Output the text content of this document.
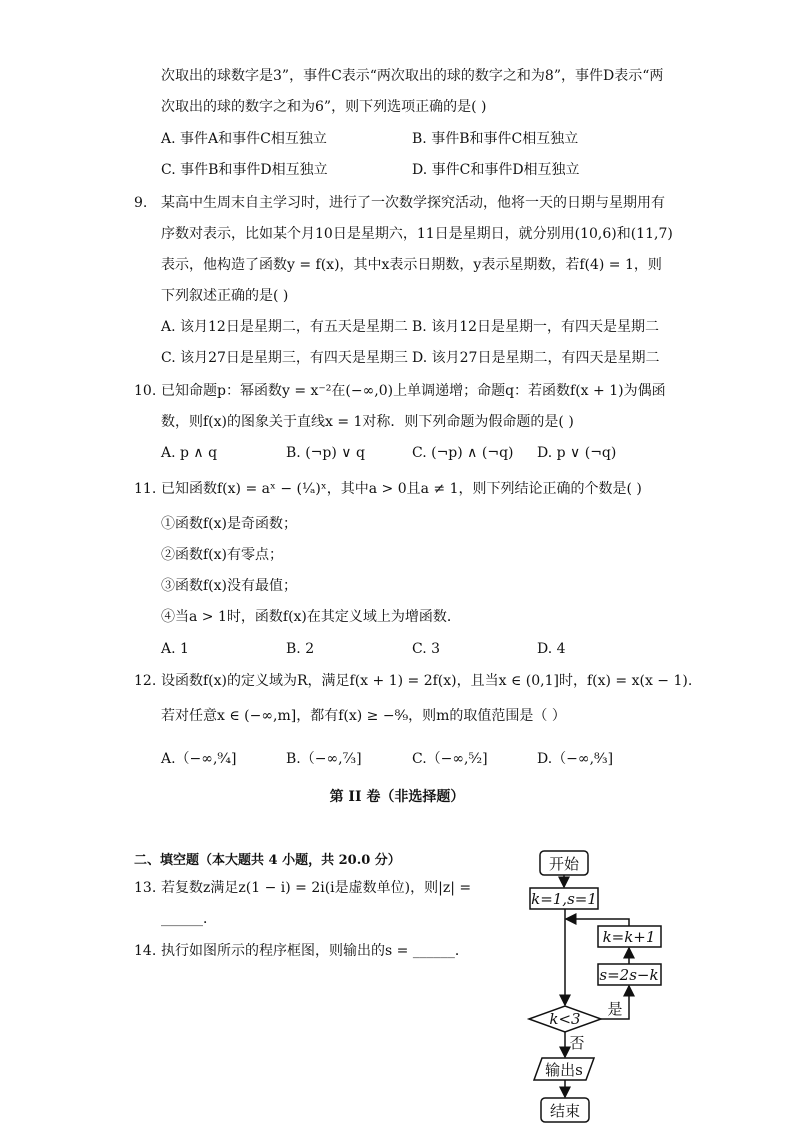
次取出的球数字是3”，事件C表示“两次取出的球的数字之和为8”，事件D表示“两
次取出的球的数字之和为6”，则下列选项正确的是( )
A. 事件A和事件C相互独立	B. 事件B和事件C相互独立
C. 事件B和事件D相互独立	D. 事件C和事件D相互独立
9. 某高中生周末自主学习时，进行了一次数学探究活动，他将一天的日期与星期用有
序数对表示，比如某个月10日是星期六，11日是星期日，就分别用(10,6)和(11,7)
表示，他构造了函数y = f(x)，其中x表示日期数，y表示星期数，若f(4) = 1，则
下列叙述正确的是( )
A. 该月12日是星期二，有五天是星期二 B. 该月12日是星期一，有四天是星期二
C. 该月27日是星期三，有四天是星期三 D. 该月27日是星期二，有四天是星期二
10. 已知命题p：幂函数y = x⁻²在(−∞,0)上单调递增；命题q：若函数f(x + 1)为偶函
数，则f(x)的图象关于直线x = 1对称．则下列命题为假命题的是( )
A. p ∧ q	B. (¬p) ∨ q	C. (¬p) ∧ (¬q) D. p ∨ (¬q)
11. 已知函数f(x) = aˣ − (¹⁄ₐ)ˣ，其中a > 0且a ≠ 1，则下列结论正确的个数是( )
①函数f(x)是奇函数；
②函数f(x)有零点；
③函数f(x)没有最值；
④当a > 1时，函数f(x)在其定义域上为增函数．
A. 1	B. 2	C. 3	D. 4
12. 设函数f(x)的定义域为R，满足f(x + 1) = 2f(x)，且当x ∈ (0,1]时，f(x) = x(x − 1).
若对任意x ∈ (−∞,m]，都有f(x) ≥ −⁸⁄₉，则m的取值范围是（ ）
A.（−∞,⁹⁄₄]	B.（−∞,⁷⁄₃]	C.（−∞,⁵⁄₂]	D.（−∞,⁸⁄₃]
第 II 卷（非选择题）
二、填空题（本大题共 4 小题，共 20.0 分）
13. 若复数z满足z(1 − i) = 2i(i是虚数单位)，则|z| =
______．
14. 执行如图所示的程序框图，则输出的s = ______．
开始
k=1,s=1
k=k+1
s=2s−k
k<3
是
否
输出s
结束
